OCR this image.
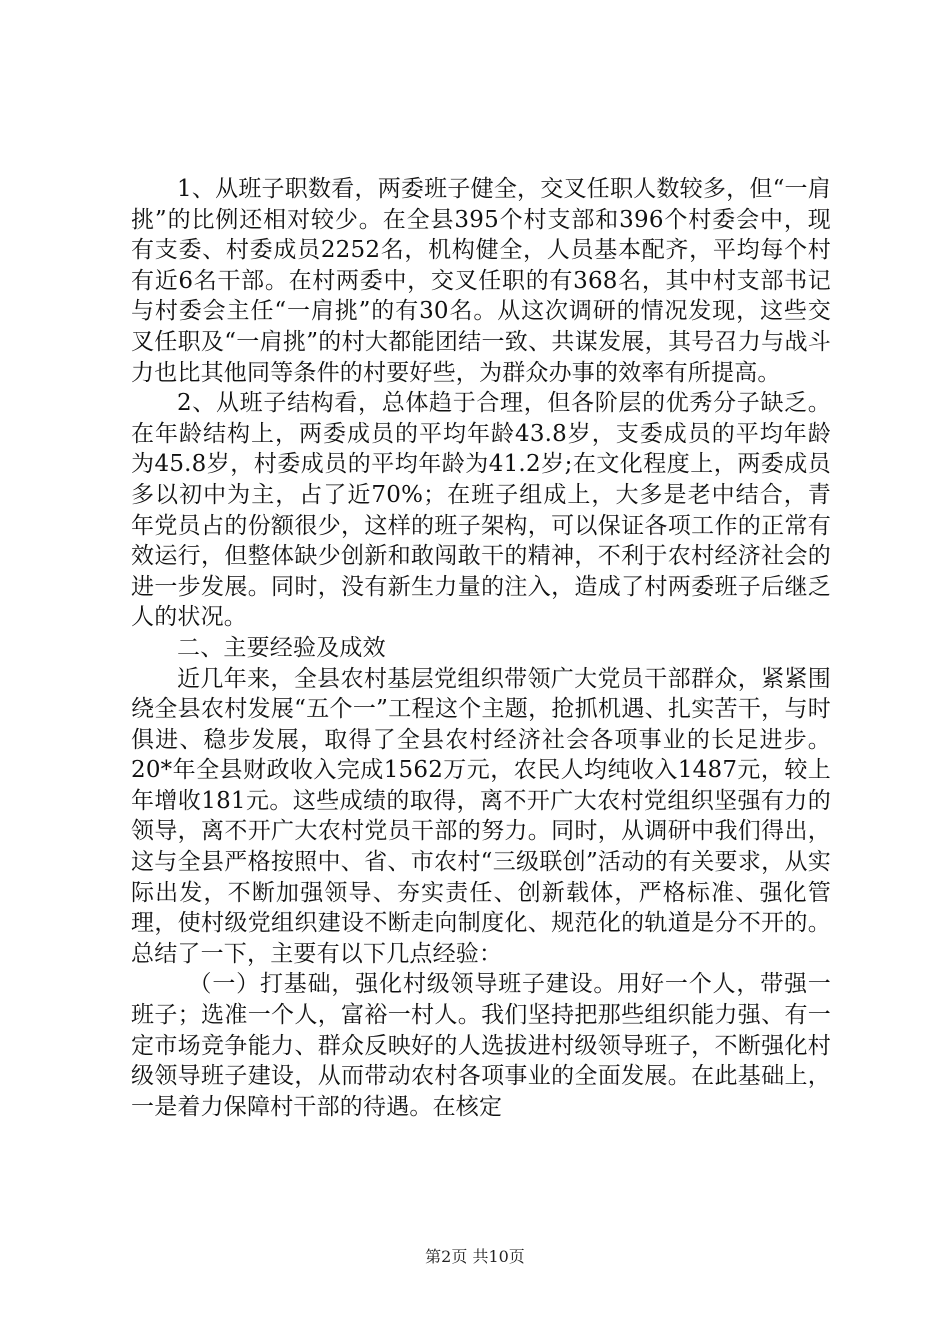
1、从班子职数看，两委班子健全，交叉任职人数较多，但“一肩挑”的比例还相对较少。在全县395个村支部和396个村委会中，现有支委、村委成员2252名，机构健全，人员基本配齐，平均每个村有近6名干部。在村两委中，交叉任职的有368名，其中村支部书记与村委会主任“一肩挑”的有30名。从这次调研的情况发现，这些交叉任职及“一肩挑”的村大都能团结一致、共谋发展，其号召力与战斗力也比其他同等条件的村要好些，为群众办事的效率有所提高。

2、从班子结构看，总体趋于合理，但各阶层的优秀分子缺乏。在年龄结构上，两委成员的平均年龄43.8岁，支委成员的平均年龄为45.8岁，村委成员的平均年龄为41.2岁;在文化程度上，两委成员多以初中为主，占了近70%；在班子组成上，大多是老中结合，青年党员占的份额很少，这样的班子架构，可以保证各项工作的正常有效运行，但整体缺少创新和敢闯敢干的精神，不利于农村经济社会的进一步发展。同时，没有新生力量的注入，造成了村两委班子后继乏人的状况。

二、主要经验及成效

近几年来，全县农村基层党组织带领广大党员干部群众，紧紧围绕全县农村发展“五个一”工程这个主题，抢抓机遇、扎实苦干，与时俱进、稳步发展，取得了全县农村经济社会各项事业的长足进步。20*年全县财政收入完成1562万元，农民人均纯收入1487元，较上年增收181元。这些成绩的取得，离不开广大农村党组织坚强有力的领导，离不开广大农村党员干部的努力。同时，从调研中我们得出，这与全县严格按照中、省、市农村“三级联创”活动的有关要求，从实际出发，不断加强领导、夯实责任、创新载体，严格标准、强化管理，使村级党组织建设不断走向制度化、规范化的轨道是分不开的。总结了一下，主要有以下几点经验：

（一）打基础，强化村级领导班子建设。用好一个人，带强一班子；选准一个人，富裕一村人。我们坚持把那些组织能力强、有一定市场竞争能力、群众反映好的人选拔进村级领导班子，不断强化村级领导班子建设，从而带动农村各项事业的全面发展。在此基础上，一是着力保障村干部的待遇。在核定

第2页 共10页
